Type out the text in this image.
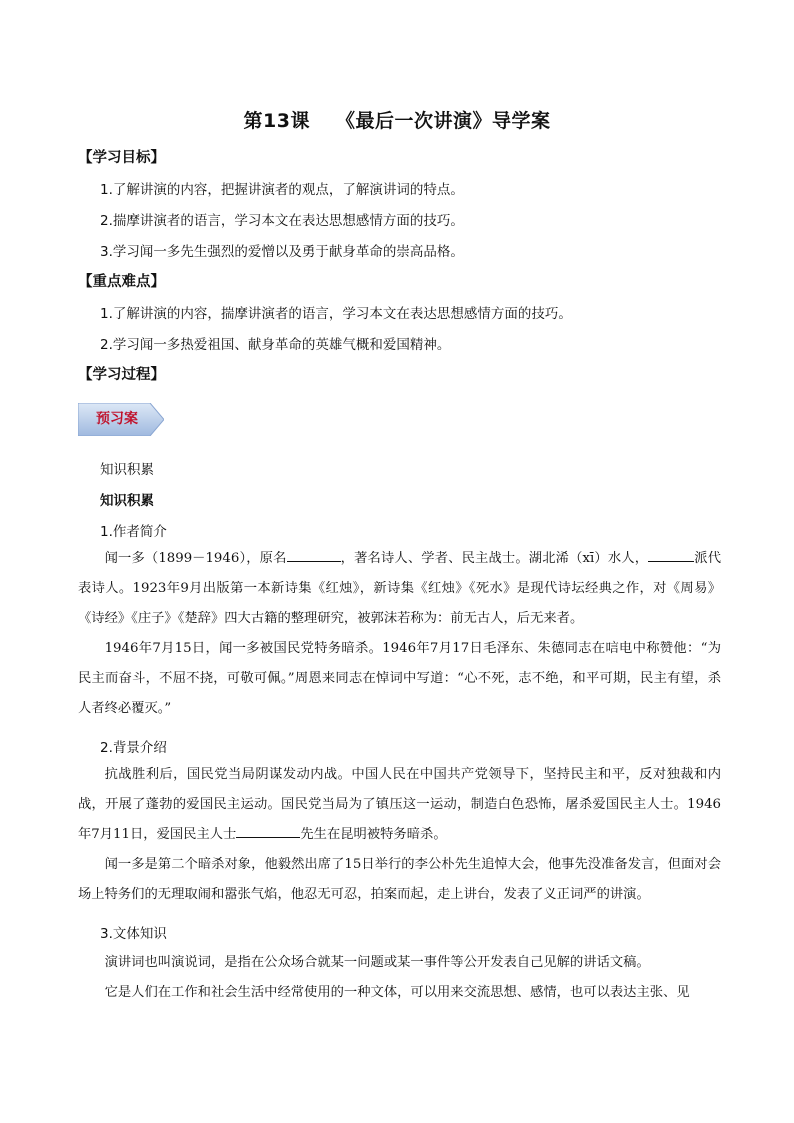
第13课 《最后一次讲演》导学案
【学习目标】
1.了解讲演的内容，把握讲演者的观点，了解演讲词的特点。
2.揣摩讲演者的语言，学习本文在表达思想感情方面的技巧。
3.学习闻一多先生强烈的爱憎以及勇于献身革命的崇高品格。
【重点难点】
1.了解讲演的内容，揣摩讲演者的语言，学习本文在表达思想感情方面的技巧。
2.学习闻一多热爱祖国、献身革命的英雄气概和爱国精神。
【学习过程】
预习案
知识积累
知识积累
1.作者简介

闻一多（1899－1946），原名	，著名诗人、学者、民主战士。湖北浠（xī）水人，	派代表诗人。1923年9月出版第一本新诗集《红烛》，新诗集《红烛》《死水》是现代诗坛经典之作，对《周易》《诗经》《庄子》《楚辞》四大古籍的整理研究，被郭沫若称为：前无古人，后无来者。

1946年7月15日，闻一多被国民党特务暗杀。1946年7月17日毛泽东、朱德同志在唁电中称赞他：“为民主而奋斗，不屈不挠，可敬可佩。”周恩来同志在悼词中写道：“心不死，志不绝，和平可期，民主有望，杀人者终必覆灭。”

2.背景介绍

抗战胜利后，国民党当局阴谋发动内战。中国人民在中国共产党领导下，坚持民主和平，反对独裁和内战，开展了蓬勃的爱国民主运动。国民党当局为了镇压这一运动，制造白色恐怖，屠杀爱国民主人士。1946年7月11日，爱国民主人士	先生在昆明被特务暗杀。

闻一多是第二个暗杀对象，他毅然出席了15日举行的李公朴先生追悼大会，他事先没准备发言，但面对会场上特务们的无理取闹和嚣张气焰，他忍无可忍，拍案而起，走上讲台，发表了义正词严的讲演。

3.文体知识

演讲词也叫演说词，是指在公众场合就某一问题或某一事件等公开发表自己见解的讲话文稿。

它是人们在工作和社会生活中经常使用的一种文体，可以用来交流思想、感情，也可以表达主张、见
